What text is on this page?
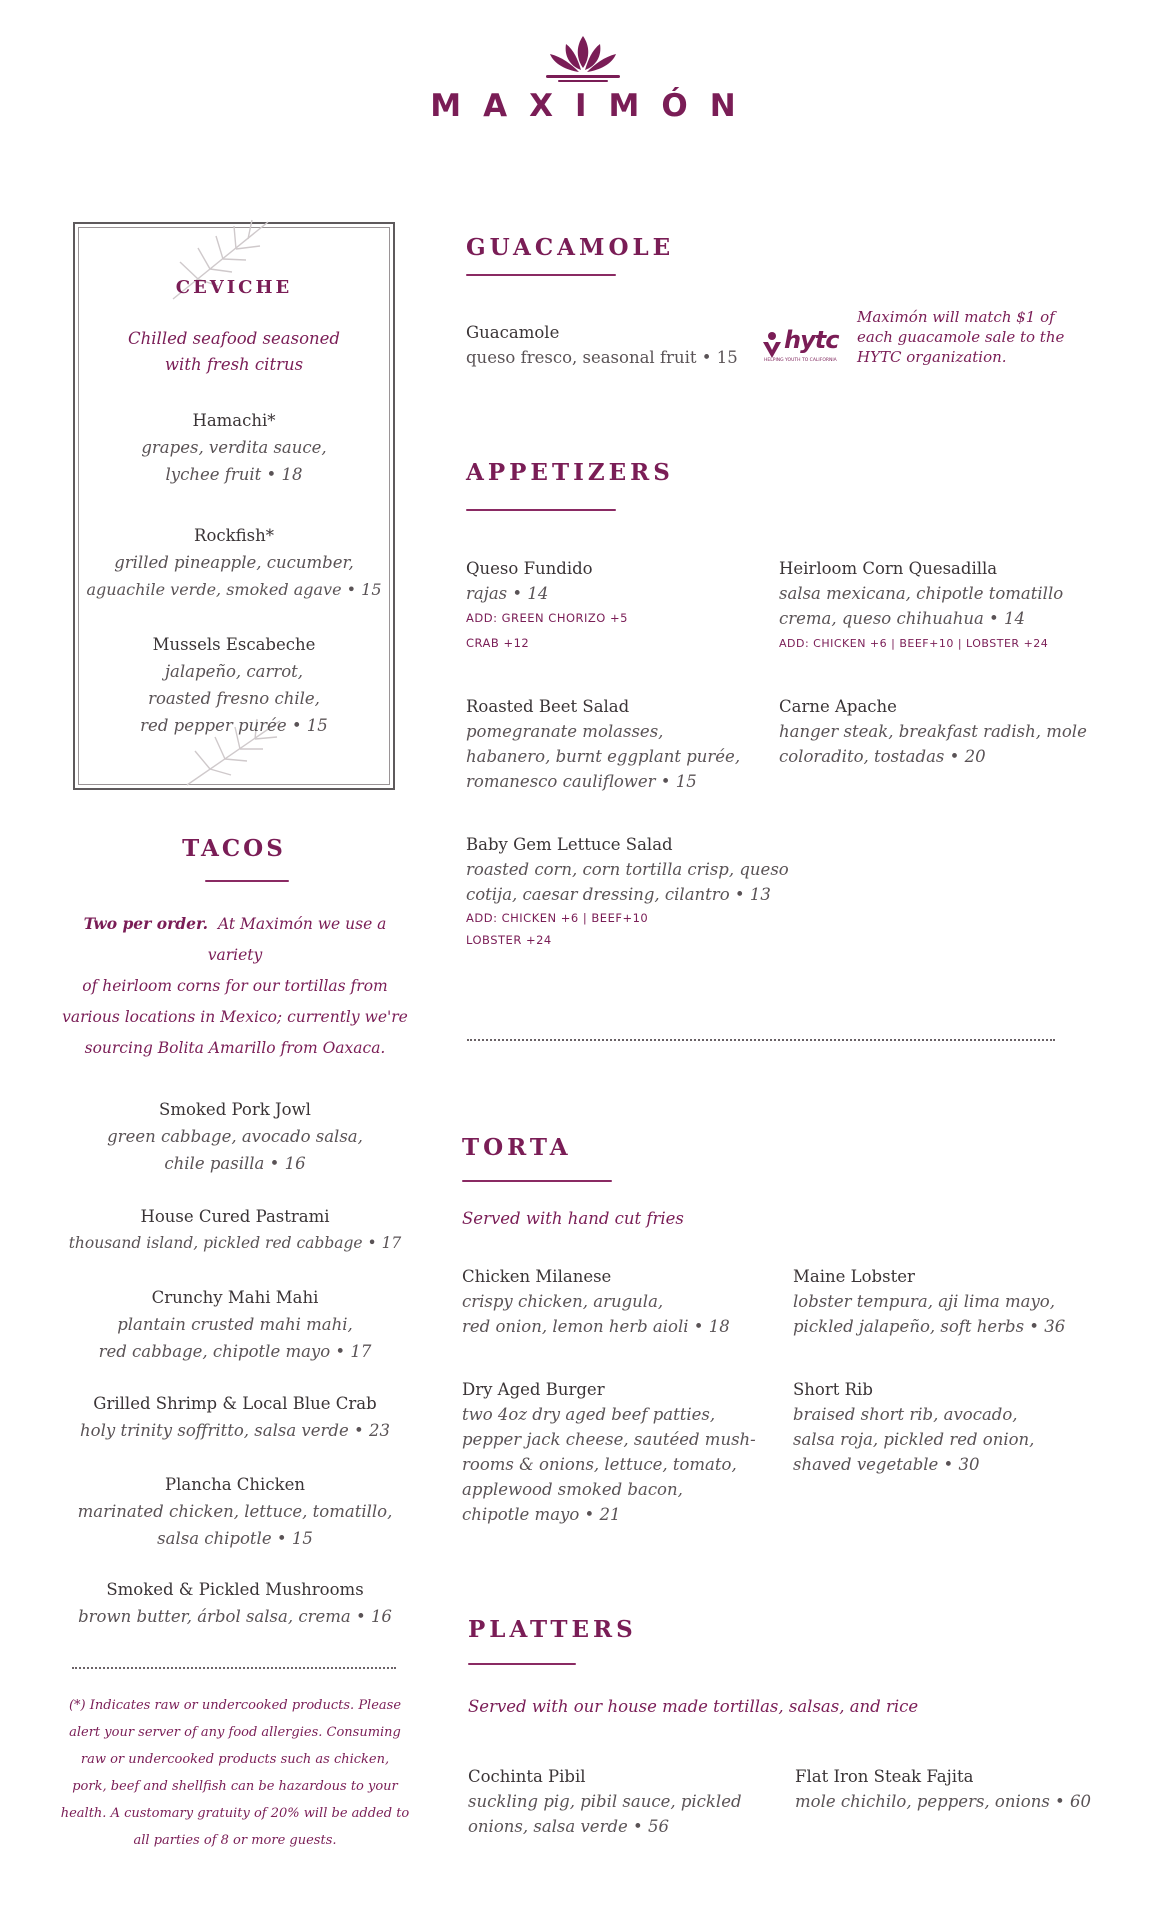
MAXIMÓN
CEVICHE
Chilled seafood seasoned
with fresh citrus
Hamachi*
grapes, verdita sauce,
lychee fruit • 18
Rockfish*
grilled pineapple, cucumber,
aguachile verde, smoked agave • 15
Mussels Escabeche
jalapeño, carrot,
roasted fresno chile,
red pepper purée • 15
TACOS
Two per order. At Maximón we use a variety
of heirloom corns for our tortillas from
various locations in Mexico; currently we're
sourcing Bolita Amarillo from Oaxaca.
Smoked Pork Jowl
green cabbage, avocado salsa,
chile pasilla • 16
House Cured Pastrami
thousand island, pickled red cabbage • 17
Crunchy Mahi Mahi
plantain crusted mahi mahi,
red cabbage, chipotle mayo • 17
Grilled Shrimp & Local Blue Crab
holy trinity soffritto, salsa verde • 23
Plancha Chicken
marinated chicken, lettuce, tomatillo,
salsa chipotle • 15
Smoked & Pickled Mushrooms
brown butter, árbol salsa, crema • 16
(*) Indicates raw or undercooked products. Please
alert your server of any food allergies. Consuming
raw or undercooked products such as chicken,
pork, beef and shellfish can be hazardous to your
health. A customary gratuity of 20% will be added to
all parties of 8 or more guests.
GUACAMOLE
Guacamole
queso fresco, seasonal fruit • 15
hytc
HELPING YOUTH TO CALIFORNIA
Maximón will match $1 of
each guacamole sale to the
HYTC organization.
APPETIZERS
Queso Fundido
rajas • 14
ADD: GREEN CHORIZO +5
CRAB +12
Heirloom Corn Quesadilla
salsa mexicana, chipotle tomatillo
crema, queso chihuahua • 14
ADD: CHICKEN +6 | BEEF+10 | LOBSTER +24
Roasted Beet Salad
pomegranate molasses,
habanero, burnt eggplant purée,
romanesco cauliflower • 15
Carne Apache
hanger steak, breakfast radish, mole
coloradito, tostadas • 20
Baby Gem Lettuce Salad
roasted corn, corn tortilla crisp, queso
cotija, caesar dressing, cilantro • 13
ADD: CHICKEN +6 | BEEF+10
LOBSTER +24
TORTA
Served with hand cut fries
Chicken Milanese
crispy chicken, arugula,
red onion, lemon herb aioli • 18
Maine Lobster
lobster tempura, aji lima mayo,
pickled jalapeño, soft herbs • 36
Dry Aged Burger
two 4oz dry aged beef patties,
pepper jack cheese, sautéed mush-
rooms & onions, lettuce, tomato,
applewood smoked bacon,
chipotle mayo • 21
Short Rib
braised short rib, avocado,
salsa roja, pickled red onion,
shaved vegetable • 30
PLATTERS
Served with our house made tortillas, salsas, and rice
Cochinta Pibil
suckling pig, pibil sauce, pickled
onions, salsa verde • 56
Flat Iron Steak Fajita
mole chichilo, peppers, onions • 60
